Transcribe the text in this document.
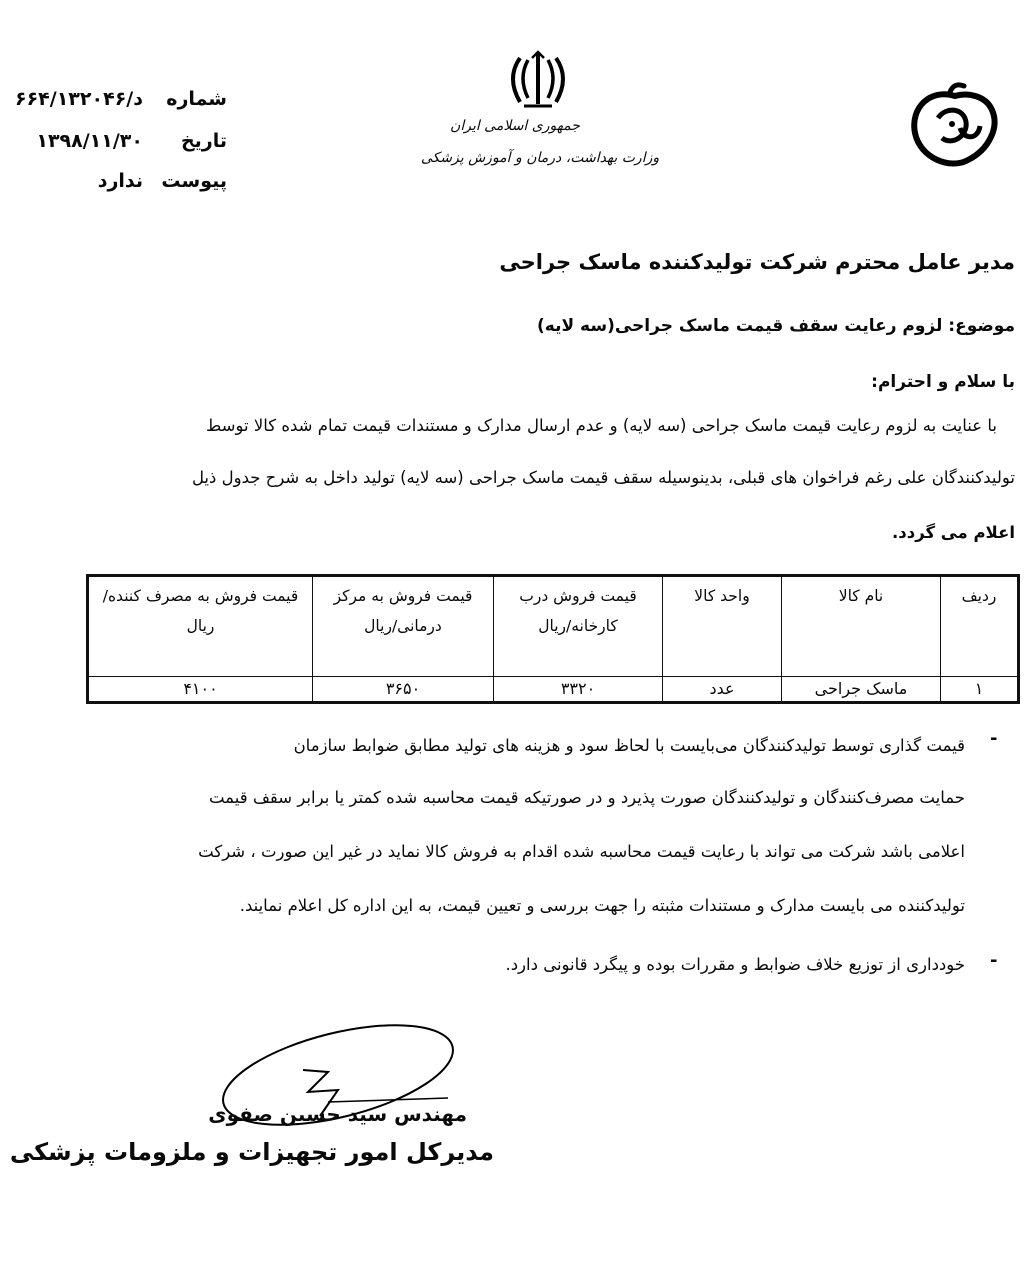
شماره
د/۶۶۴/۱۳۲۰۴۶
تاریخ
۱۳۹۸/۱۱/۳۰
پیوست
ندارد
جمهوری اسلامی ایران
وزارت بهداشت، درمان و آموزش پزشکی
مدیر عامل محترم شرکت تولیدکننده ماسک جراحی
موضوع: لزوم رعایت سقف قیمت ماسک جراحی(سه لایه)
با سلام و احترام:
با عنایت به لزوم رعایت قیمت ماسک جراحی (سه لایه) و عدم ارسال مدارک و مستندات قیمت تمام شده کالا توسط
تولیدکنندگان علی رغم فراخوان های قبلی، بدینوسیله سقف قیمت ماسک جراحی (سه لایه) تولید داخل به شرح جدول ذیل
اعلام می گردد.
ردیف	نام کالا	واحد کالا	قیمت فروش درب کارخانه/ریال	قیمت فروش به مرکز درمانی/ریال	قیمت فروش به مصرف کننده/ریال
۱	ماسک جراحی	عدد	۳۳۲۰	۳۶۵۰	۴۱۰۰
-
قیمت گذاری توسط تولیدکنندگان می‌بایست با لحاظ سود و هزینه های تولید مطابق ضوابط سازمان
حمایت مصرف‌کنندگان و تولیدکنندگان صورت پذیرد و در صورتیکه قیمت محاسبه شده کمتر یا برابر سقف قیمت
اعلامی باشد شرکت می تواند با رعایت قیمت محاسبه شده اقدام به فروش کالا نماید در غیر این صورت ، شرکت
تولیدکننده می بایست مدارک و مستندات مثبته را جهت بررسی و تعیین قیمت، به این اداره کل اعلام نمایند.
-
خودداری از توزیع خلاف ضوابط و مقررات بوده و پیگرد قانونی دارد.
مهندس سید حسین صفوی
مدیرکل امور تجهیزات و ملزومات پزشکی
